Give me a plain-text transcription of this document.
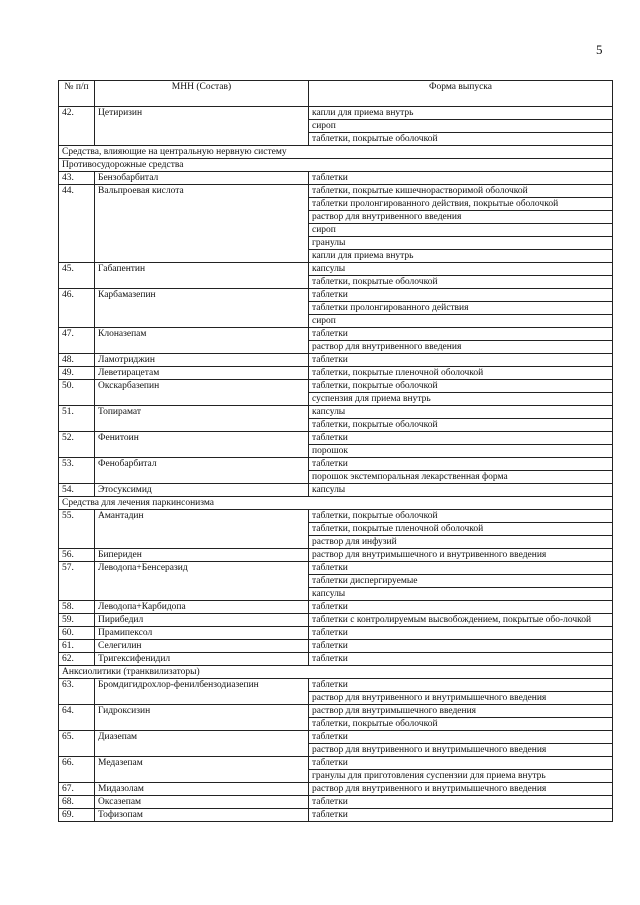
5
№ п/п	МНН (Состав)	Форма выпуска
42.	Цетиризин	капли для приема внутрь
		сироп
		таблетки, покрытые оболочкой
Средства, влияющие на центральную нервную систему		
Противосудорожные средства		
43.	Бензобарбитал	таблетки
44.	Вальпроевая кислота	таблетки, покрытые кишечнорастворимой оболочкой
		таблетки пролонгированного действия, покрытые оболочкой
		раствор для внутривенного введения
		сироп
		гранулы
		капли для приема внутрь
45.	Габапентин	капсулы
		таблетки, покрытые оболочкой
46.	Карбамазепин	таблетки
		таблетки пролонгированного действия
		сироп
47.	Клоназепам	таблетки
		раствор для внутривенного введения
48.	Ламотриджин	таблетки
49.	Леветирацетам	таблетки, покрытые пленочной оболочкой
50.	Окскарбазепин	таблетки, покрытые оболочкой
		суспензия для приема внутрь
51.	Топирамат	капсулы
		таблетки, покрытые оболочкой
52.	Фенитоин	таблетки
		порошок
53.	Фенобарбитал	таблетки
		порошок экстемпоральная лекарственная форма
54.	Этосуксимид	капсулы
Средства для лечения паркинсонизма		
55.	Амантадин	таблетки, покрытые оболочкой
		таблетки, покрытые пленочной оболочкой
		раствор для инфузий
56.	Бипериден	раствор для внутримышечного и внутривенного введения
57.	Леводопа+Бенсеразид	таблетки
		таблетки диспергируемые
		капсулы
58.	Леводопа+Карбидопа	таблетки
59.	Пирибедил	таблетки с контролируемым высвобождением, покрытые обо-лочкой
60.	Прамипексол	таблетки
61.	Селегилин	таблетки
62.	Тригексифенидил	таблетки
Анксиолитики (транквилизаторы)		
63.	Бромдигидрохлор-фенилбензодиазепин	таблетки
		раствор для внутривенного и внутримышечного введения
64.	Гидроксизин	раствор для внутримышечного введения
		таблетки, покрытые оболочкой
65.	Диазепам	таблетки
		раствор для внутривенного и внутримышечного введения
66.	Медазепам	таблетки
		гранулы для приготовления суспензии для приема внутрь
67.	Мидазолам	раствор для внутривенного и внутримышечного введения
68.	Оксазепам	таблетки
69.	Тофизопам	таблетки
